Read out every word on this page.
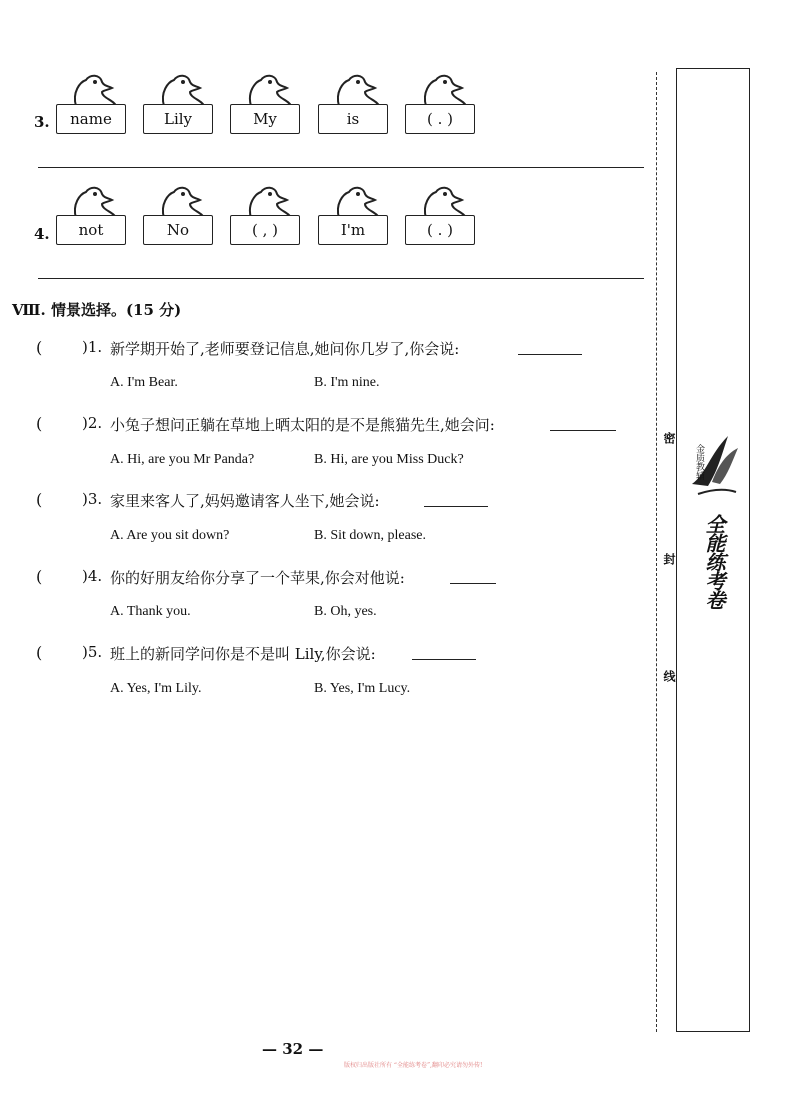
3.	name	Lily	My	is	( . )
4.	not	No	( , )	I'm	( . )
Ⅷ. 情景选择。(15 分)
(	)1. 新学期开始了,老师要登记信息,她问你几岁了,你会说:
A. I'm Bear.	B. I'm nine.
(	)2. 小兔子想问正躺在草地上晒太阳的是不是熊猫先生,她会问:
A. Hi, are you Mr Panda?	B. Hi, are you Miss Duck?
(	)3. 家里来客人了,妈妈邀请客人坐下,她会说:
A. Are you sit down?	B. Sit down, please.
(	)4. 你的好朋友给你分享了一个苹果,你会对他说:
A. Thank you.	B. Oh, yes.
(	)5. 班上的新同学问你是不是叫 Lily,你会说:
A. Yes, I'm Lily.	B. Yes, I'm Lucy.
密
封
线
金质教辅
全能练考卷
— 32 —
版权归出版社所有 “全能练考卷”,翻印必究请勿外传!
